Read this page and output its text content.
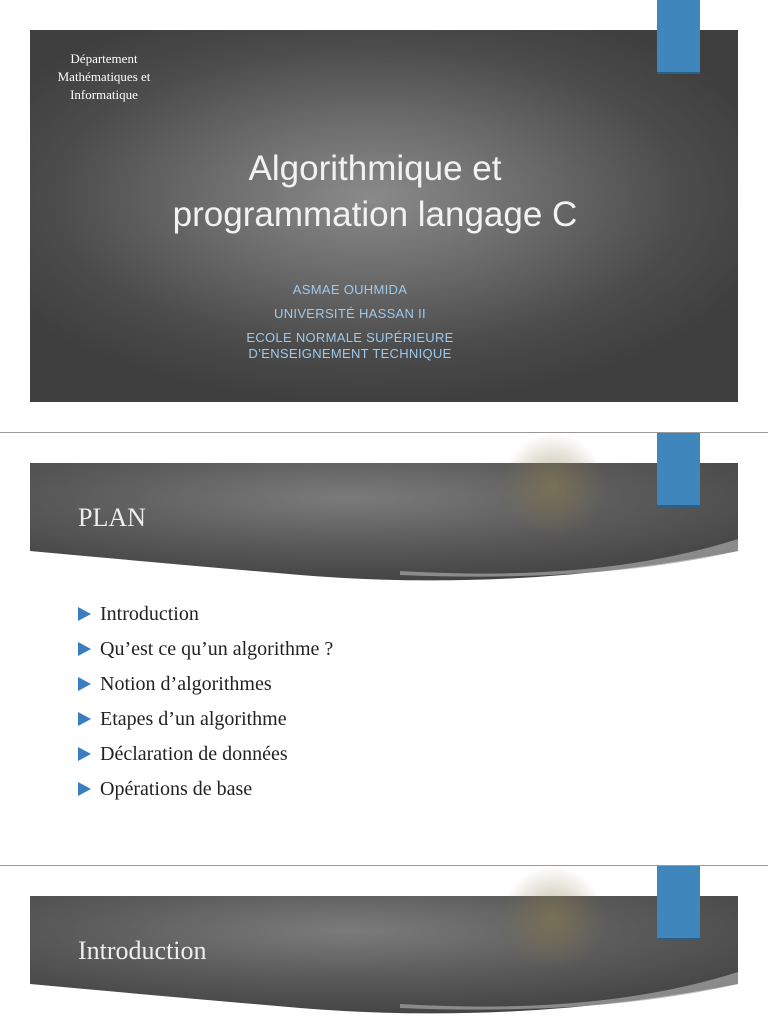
Département
Mathématiques et
Informatique
Algorithmique et
programmation langage C
ASMAE OUHMIDA
UNIVERSITÉ HASSAN II
ECOLE NORMALE SUPÉRIEURE
D’ENSEIGNEMENT TECHNIQUE
PLAN
Introduction
Qu’est ce qu’un algorithme ?
Notion d’algorithmes
Etapes d’un algorithme
Déclaration de données
Opérations de base
Introduction
